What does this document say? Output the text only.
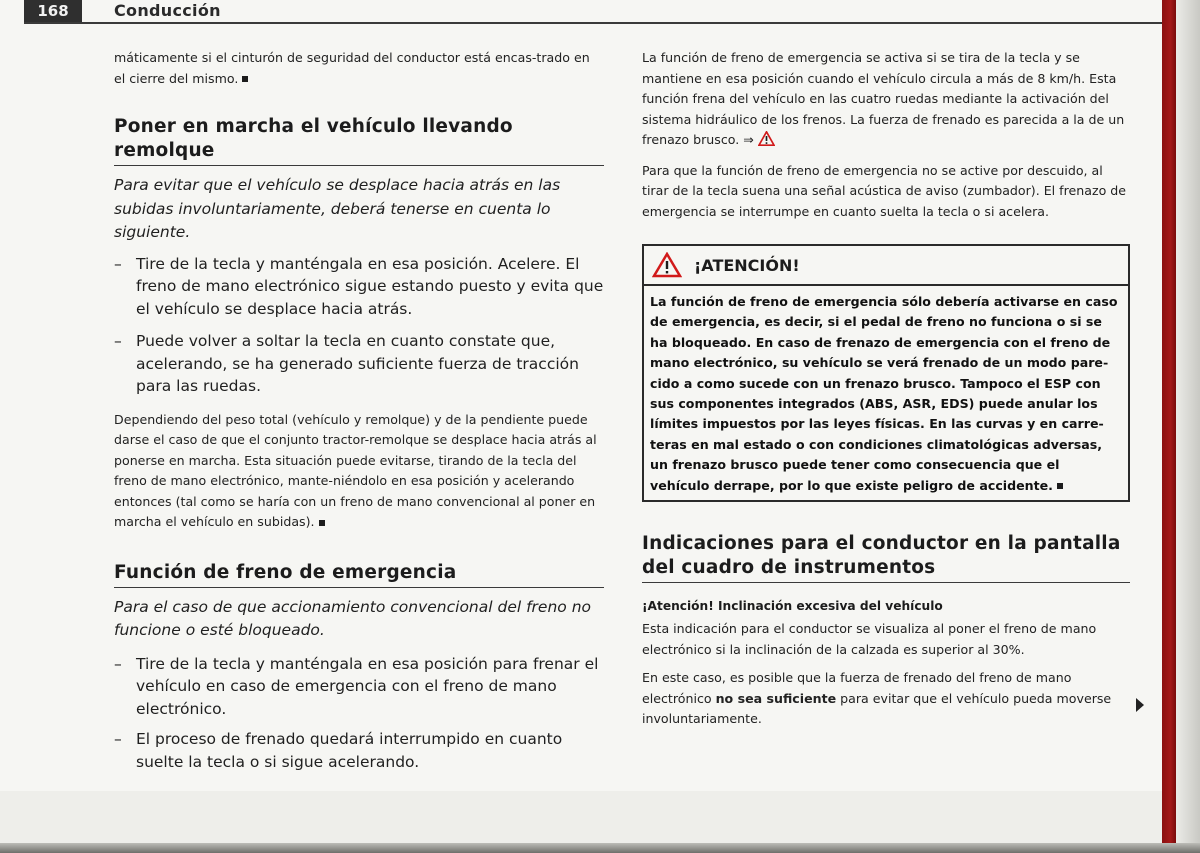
168	Conducción

máticamente si el cinturón de seguridad del conductor está encas-trado en el cierre del mismo.

Poner en marcha el vehículo llevando remolque

Para evitar que el vehículo se desplace hacia atrás en las subidas involuntariamente, deberá tenerse en cuenta lo siguiente.

– Tire de la tecla y manténgala en esa posición. Acelere. El freno de mano electrónico sigue estando puesto y evita que el vehículo se desplace hacia atrás.
– Puede volver a soltar la tecla en cuanto constate que, acelerando, se ha generado suficiente fuerza de tracción para las ruedas.

Dependiendo del peso total (vehículo y remolque) y de la pendiente puede darse el caso de que el conjunto tractor-remolque se desplace hacia atrás al ponerse en marcha. Esta situación puede evitarse, tirando de la tecla del freno de mano electrónico, mante-niéndolo en esa posición y acelerando entonces (tal como se haría con un freno de mano convencional al poner en marcha el vehículo en subidas).

Función de freno de emergencia

Para el caso de que accionamiento convencional del freno no funcione o esté bloqueado.

– Tire de la tecla y manténgala en esa posición para frenar el vehículo en caso de emergencia con el freno de mano electrónico.
– El proceso de frenado quedará interrumpido en cuanto suelte la tecla o si sigue acelerando.

La función de freno de emergencia se activa si se tira de la tecla y se mantiene en esa posición cuando el vehículo circula a más de 8 km/h. Esta función frena del vehículo en las cuatro ruedas mediante la activación del sistema hidráulico de los frenos. La fuerza de frenado es parecida a la de un frenazo brusco. ⇒

Para que la función de freno de emergencia no se active por descuido, al tirar de la tecla suena una señal acústica de aviso (zumbador). El frenazo de emergencia se interrumpe en cuanto suelta la tecla o si acelera.

¡ATENCIÓN!
La función de freno de emergencia sólo debería activarse en caso de emergencia, es decir, si el pedal de freno no funciona o si se ha bloqueado. En caso de frenazo de emergencia con el freno de mano electrónico, su vehículo se verá frenado de un modo pare-cido a como sucede con un frenazo brusco. Tampoco el ESP con sus componentes integrados (ABS, ASR, EDS) puede anular los límites impuestos por las leyes físicas. En las curvas y en carre-teras en mal estado o con condiciones climatológicas adversas, un frenazo brusco puede tener como consecuencia que el vehículo derrape, por lo que existe peligro de accidente.
Indicaciones para el conductor en la pantalla del cuadro de instrumentos

¡Atención! Inclinación excesiva del vehículo

Esta indicación para el conductor se visualiza al poner el freno de mano electrónico si la inclinación de la calzada es superior al 30%.

En este caso, es posible que la fuerza de frenado del freno de mano electrónico no sea suficiente para evitar que el vehículo pueda moverse involuntariamente.
